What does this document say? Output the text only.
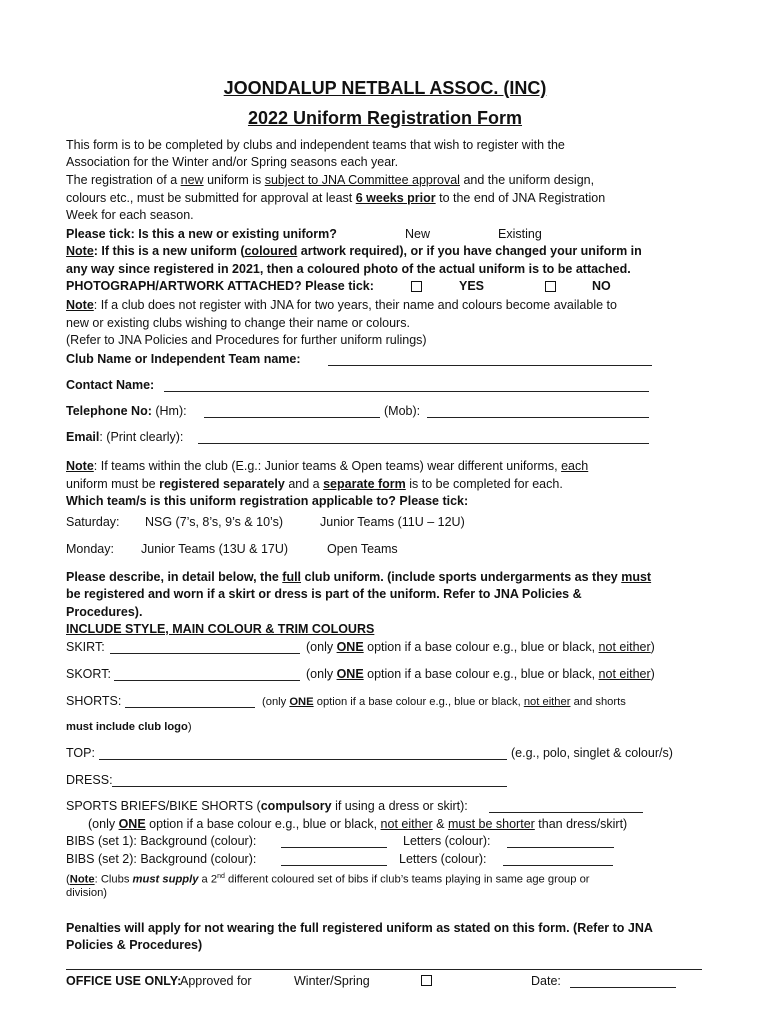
JOONDALUP NETBALL ASSOC. (INC)
2022 Uniform Registration Form
This form is to be completed by clubs and independent teams that wish to register with the
Association for the Winter and/or Spring seasons each year.
The registration of a new uniform is subject to JNA Committee approval and the uniform design,
colours etc., must be submitted for approval at least 6 weeks prior to the end of JNA Registration
Week for each season.
Please tick: Is this a new or existing uniform?	New	Existing
Note: If this is a new uniform (coloured artwork required), or if you have changed your uniform in
any way since registered in 2021, then a coloured photo of the actual uniform is to be attached.
PHOTOGRAPH/ARTWORK ATTACHED? Please tick:	YES	NO
Note: If a club does not register with JNA for two years, their name and colours become available to
new or existing clubs wishing to change their name or colours.
(Refer to JNA Policies and Procedures for further uniform rulings)
Club Name or Independent Team name:
Contact Name:
Telephone No: (Hm):	(Mob):
Email: (Print clearly):
Note: If teams within the club (E.g.: Junior teams & Open teams) wear different uniforms, each
uniform must be registered separately and a separate form is to be completed for each.
Which team/s is this uniform registration applicable to? Please tick:
Saturday: NSG (7’s, 8’s, 9’s & 10’s)	Junior Teams (11U – 12U)
Monday: Junior Teams (13U & 17U)	Open Teams
Please describe, in detail below, the full club uniform. (include sports undergarments as they must
be registered and worn if a skirt or dress is part of the uniform. Refer to JNA Policies &
Procedures).
INCLUDE STYLE, MAIN COLOUR & TRIM COLOURS
SKIRT:	(only ONE option if a base colour e.g., blue or black, not either)
SKORT:	(only ONE option if a base colour e.g., blue or black, not either)
SHORTS:	(only ONE option if a base colour e.g., blue or black, not either and shorts
must include club logo)
TOP:	(e.g., polo, singlet & colour/s)
DRESS:
SPORTS BRIEFS/BIKE SHORTS (compulsory if using a dress or skirt):
(only ONE option if a base colour e.g., blue or black, not either & must be shorter than dress/skirt)
BIBS (set 1): Background (colour):	Letters (colour):
BIBS (set 2): Background (colour):	Letters (colour):
(Note: Clubs must supply a 2nd different coloured set of bibs if club’s teams playing in same age group or
division)
Penalties will apply for not wearing the full registered uniform as stated on this form. (Refer to JNA
Policies & Procedures)
OFFICE USE ONLY:
Approved for	Winter/Spring	Date:
